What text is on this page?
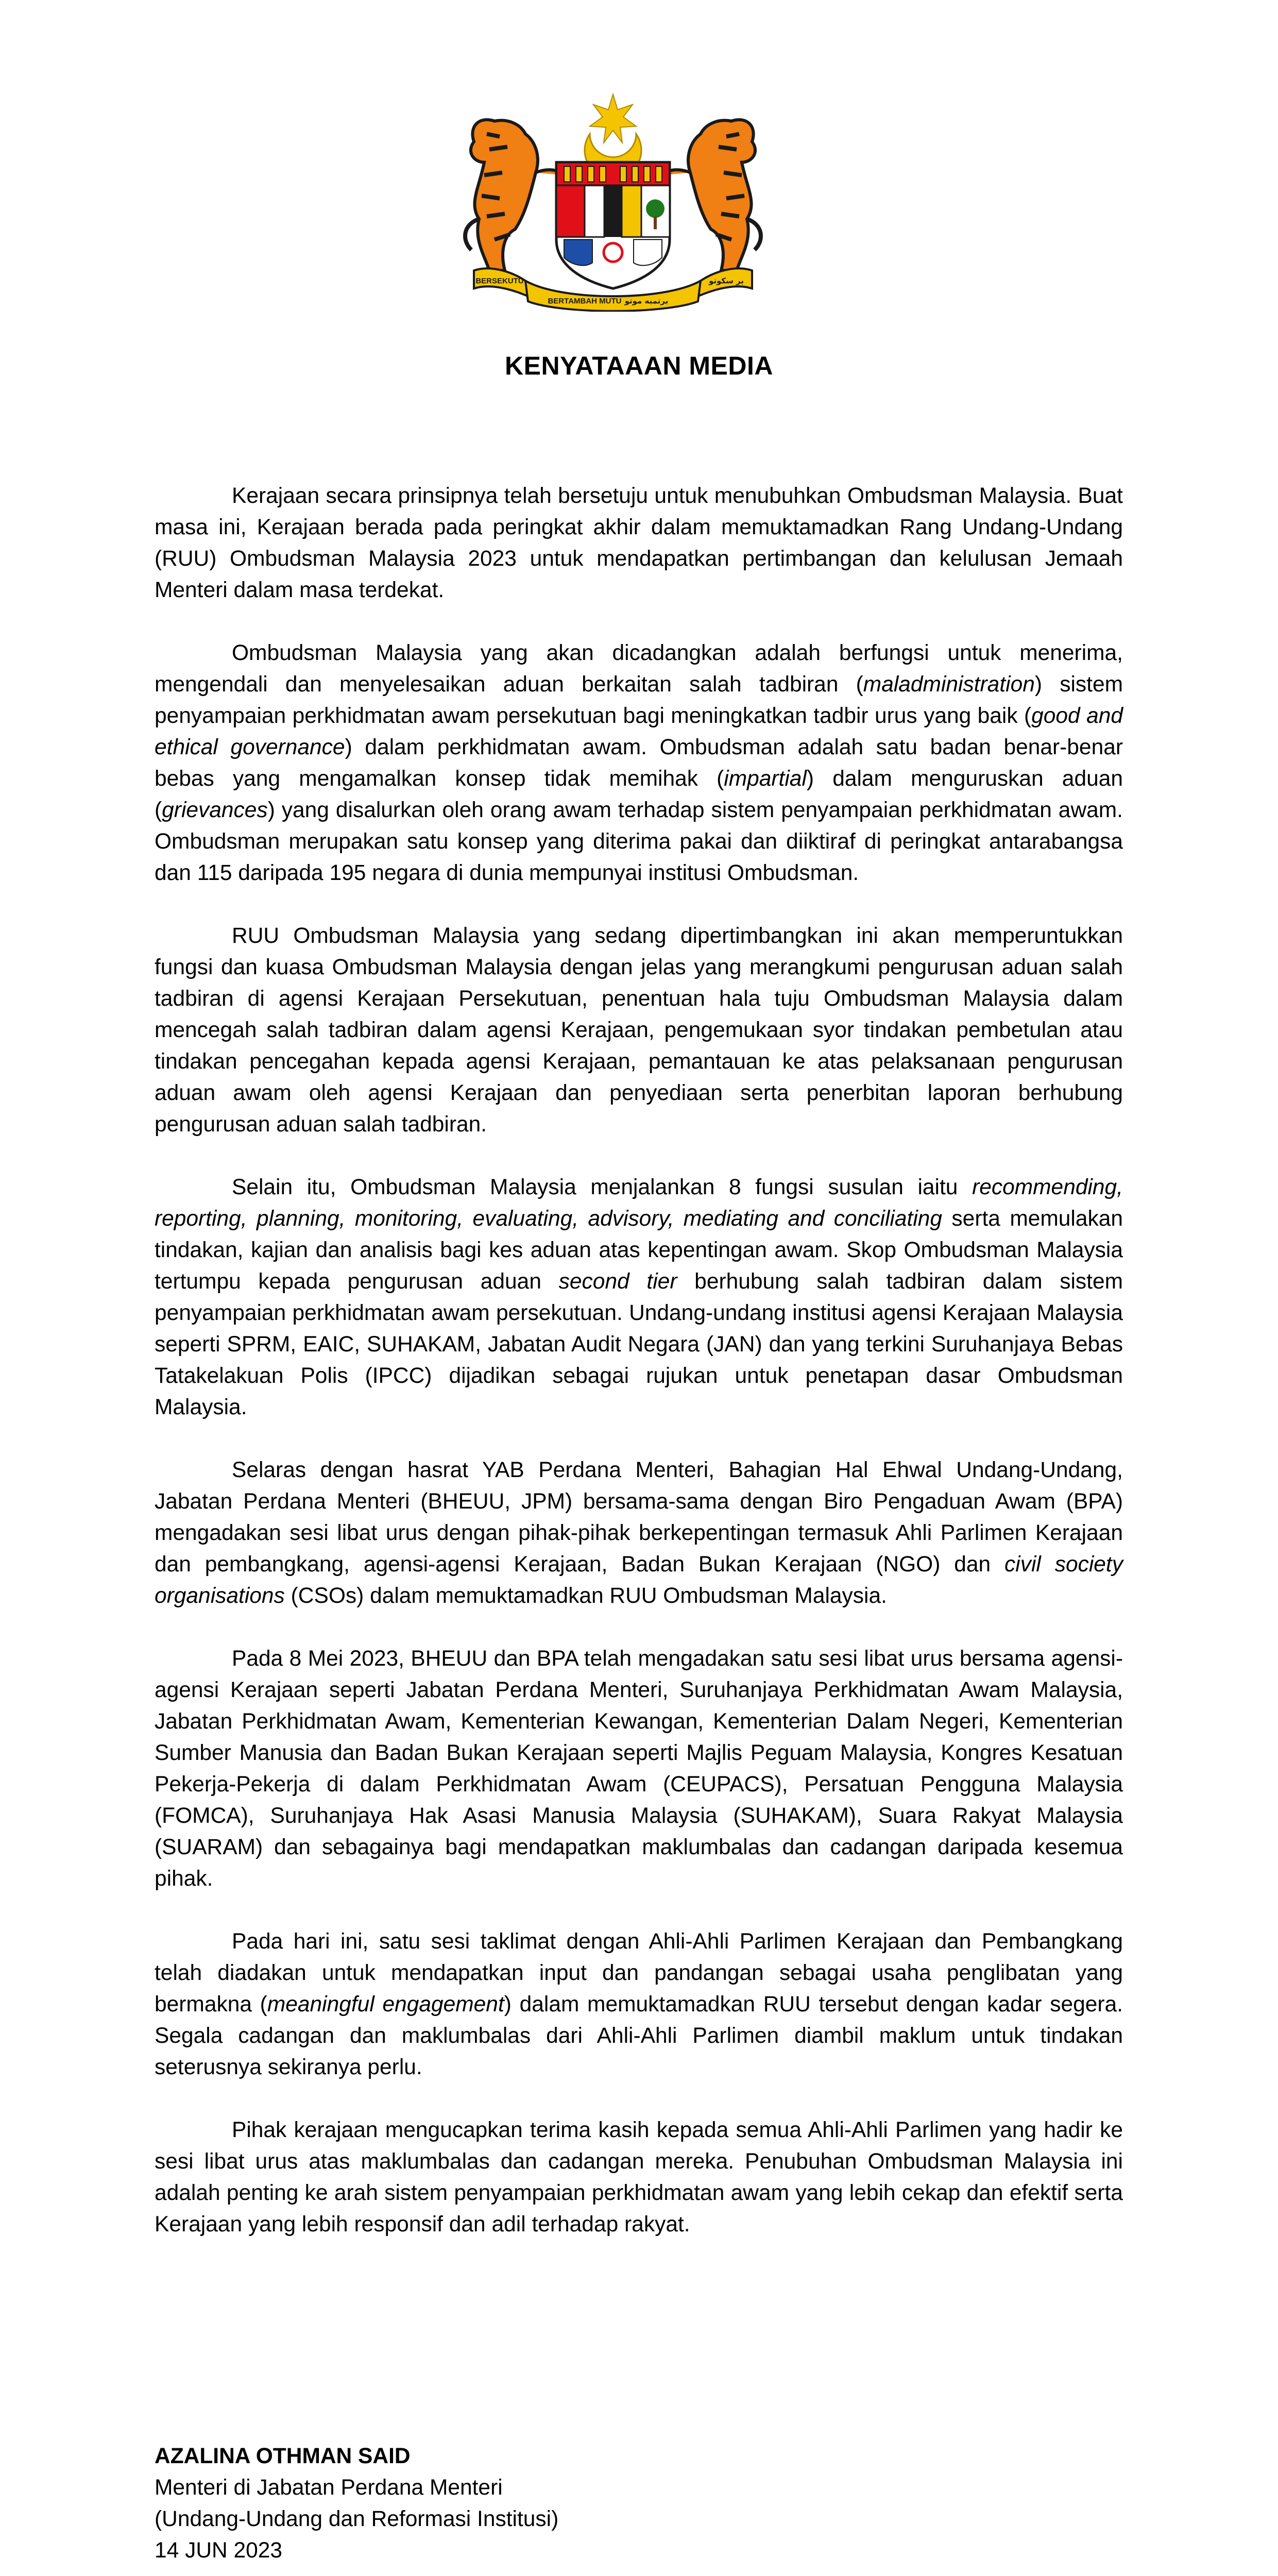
BERSEKUTU
BERTAMBAH MUTU
بر سکوتو
برتمبه موتو
KENYATAAAN MEDIA

Kerajaan secara prinsipnya telah bersetuju untuk menubuhkan Ombudsman Malaysia. Buat masa ini, Kerajaan berada pada peringkat akhir dalam memuktamadkan Rang Undang-Undang (RUU) Ombudsman Malaysia 2023 untuk mendapatkan pertimbangan dan kelulusan Jemaah Menteri dalam masa terdekat.

Ombudsman Malaysia yang akan dicadangkan adalah berfungsi untuk menerima, mengendali dan menyelesaikan aduan berkaitan salah tadbiran (maladministration) sistem penyampaian perkhidmatan awam persekutuan bagi meningkatkan tadbir urus yang baik (good and ethical governance) dalam perkhidmatan awam. Ombudsman adalah satu badan benar-benar bebas yang mengamalkan konsep tidak memihak (impartial) dalam menguruskan aduan (grievances) yang disalurkan oleh orang awam terhadap sistem penyampaian perkhidmatan awam. Ombudsman merupakan satu konsep yang diterima pakai dan diiktiraf di peringkat antarabangsa dan 115 daripada 195 negara di dunia mempunyai institusi Ombudsman.

RUU Ombudsman Malaysia yang sedang dipertimbangkan ini akan memperuntukkan fungsi dan kuasa Ombudsman Malaysia dengan jelas yang merangkumi pengurusan aduan salah tadbiran di agensi Kerajaan Persekutuan, penentuan hala tuju Ombudsman Malaysia dalam mencegah salah tadbiran dalam agensi Kerajaan, pengemukaan syor tindakan pembetulan atau tindakan pencegahan kepada agensi Kerajaan, pemantauan ke atas pelaksanaan pengurusan aduan awam oleh agensi Kerajaan dan penyediaan serta penerbitan laporan berhubung pengurusan aduan salah tadbiran.

Selain itu, Ombudsman Malaysia menjalankan 8 fungsi susulan iaitu recommending, reporting, planning, monitoring, evaluating, advisory, mediating and conciliating serta memulakan tindakan, kajian dan analisis bagi kes aduan atas kepentingan awam. Skop Ombudsman Malaysia tertumpu kepada pengurusan aduan second tier berhubung salah tadbiran dalam sistem penyampaian perkhidmatan awam persekutuan. Undang-undang institusi agensi Kerajaan Malaysia seperti SPRM, EAIC, SUHAKAM, Jabatan Audit Negara (JAN) dan yang terkini Suruhanjaya Bebas Tatakelakuan Polis (IPCC) dijadikan sebagai rujukan untuk penetapan dasar Ombudsman Malaysia.

Selaras dengan hasrat YAB Perdana Menteri, Bahagian Hal Ehwal Undang-Undang, Jabatan Perdana Menteri (BHEUU, JPM) bersama-sama dengan Biro Pengaduan Awam (BPA) mengadakan sesi libat urus dengan pihak-pihak berkepentingan termasuk Ahli Parlimen Kerajaan dan pembangkang, agensi-agensi Kerajaan, Badan Bukan Kerajaan (NGO) dan civil society organisations (CSOs) dalam memuktamadkan RUU Ombudsman Malaysia.

Pada 8 Mei 2023, BHEUU dan BPA telah mengadakan satu sesi libat urus bersama agensi-agensi Kerajaan seperti Jabatan Perdana Menteri, Suruhanjaya Perkhidmatan Awam Malaysia, Jabatan Perkhidmatan Awam, Kementerian Kewangan, Kementerian Dalam Negeri, Kementerian Sumber Manusia dan Badan Bukan Kerajaan seperti Majlis Peguam Malaysia, Kongres Kesatuan Pekerja-Pekerja di dalam Perkhidmatan Awam (CEUPACS), Persatuan Pengguna Malaysia (FOMCA), Suruhanjaya Hak Asasi Manusia Malaysia (SUHAKAM), Suara Rakyat Malaysia (SUARAM) dan sebagainya bagi mendapatkan maklumbalas dan cadangan daripada kesemua pihak.

Pada hari ini, satu sesi taklimat dengan Ahli-Ahli Parlimen Kerajaan dan Pembangkang telah diadakan untuk mendapatkan input dan pandangan sebagai usaha penglibatan yang bermakna (meaningful engagement) dalam memuktamadkan RUU tersebut dengan kadar segera. Segala cadangan dan maklumbalas dari Ahli-Ahli Parlimen diambil maklum untuk tindakan seterusnya sekiranya perlu.

Pihak kerajaan mengucapkan terima kasih kepada semua Ahli-Ahli Parlimen yang hadir ke sesi libat urus atas maklumbalas dan cadangan mereka. Penubuhan Ombudsman Malaysia ini adalah penting ke arah sistem penyampaian perkhidmatan awam yang lebih cekap dan efektif serta Kerajaan yang lebih responsif dan adil terhadap rakyat.

AZALINA OTHMAN SAID
Menteri di Jabatan Perdana Menteri
(Undang-Undang dan Reformasi Institusi)
14 JUN 2023
